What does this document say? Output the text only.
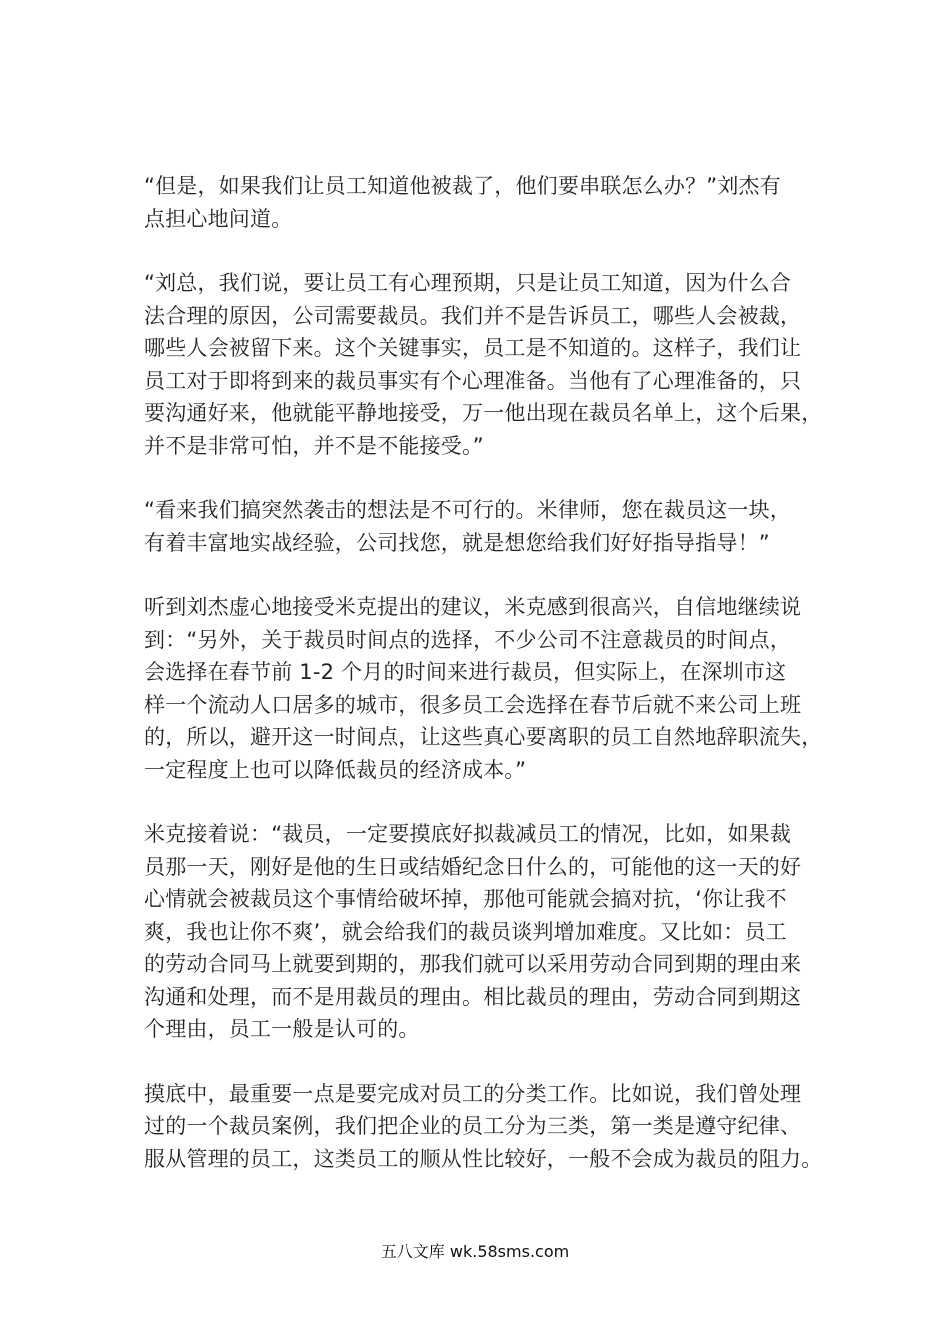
“但是，如果我们让员工知道他被裁了，他们要串联怎么办？”刘杰有
点担心地问道。

“刘总，我们说，要让员工有心理预期，只是让员工知道，因为什么合
法合理的原因，公司需要裁员。我们并不是告诉员工，哪些人会被裁，
哪些人会被留下来。这个关键事实，员工是不知道的。这样子，我们让
员工对于即将到来的裁员事实有个心理准备。当他有了心理准备的，只
要沟通好来，他就能平静地接受，万一他出现在裁员名单上，这个后果，
并不是非常可怕，并不是不能接受。”

“看来我们搞突然袭击的想法是不可行的。米律师，您在裁员这一块，
有着丰富地实战经验，公司找您，就是想您给我们好好指导指导！”

听到刘杰虚心地接受米克提出的建议，米克感到很高兴，自信地继续说
到：“另外，关于裁员时间点的选择，不少公司不注意裁员的时间点，
会选择在春节前 1-2 个月的时间来进行裁员，但实际上，在深圳市这
样一个流动人口居多的城市，很多员工会选择在春节后就不来公司上班
的，所以，避开这一时间点，让这些真心要离职的员工自然地辞职流失，
一定程度上也可以降低裁员的经济成本。”

米克接着说：“裁员，一定要摸底好拟裁减员工的情况，比如，如果裁
员那一天，刚好是他的生日或结婚纪念日什么的，可能他的这一天的好
心情就会被裁员这个事情给破坏掉，那他可能就会搞对抗，‘你让我不
爽，我也让你不爽’，就会给我们的裁员谈判增加难度。又比如：员工
的劳动合同马上就要到期的，那我们就可以采用劳动合同到期的理由来
沟通和处理，而不是用裁员的理由。相比裁员的理由，劳动合同到期这
个理由，员工一般是认可的。

摸底中，最重要一点是要完成对员工的分类工作。比如说，我们曾处理
过的一个裁员案例，我们把企业的员工分为三类，第一类是遵守纪律、
服从管理的员工，这类员工的顺从性比较好，一般不会成为裁员的阻力。

五八文库 wk.58sms.com
